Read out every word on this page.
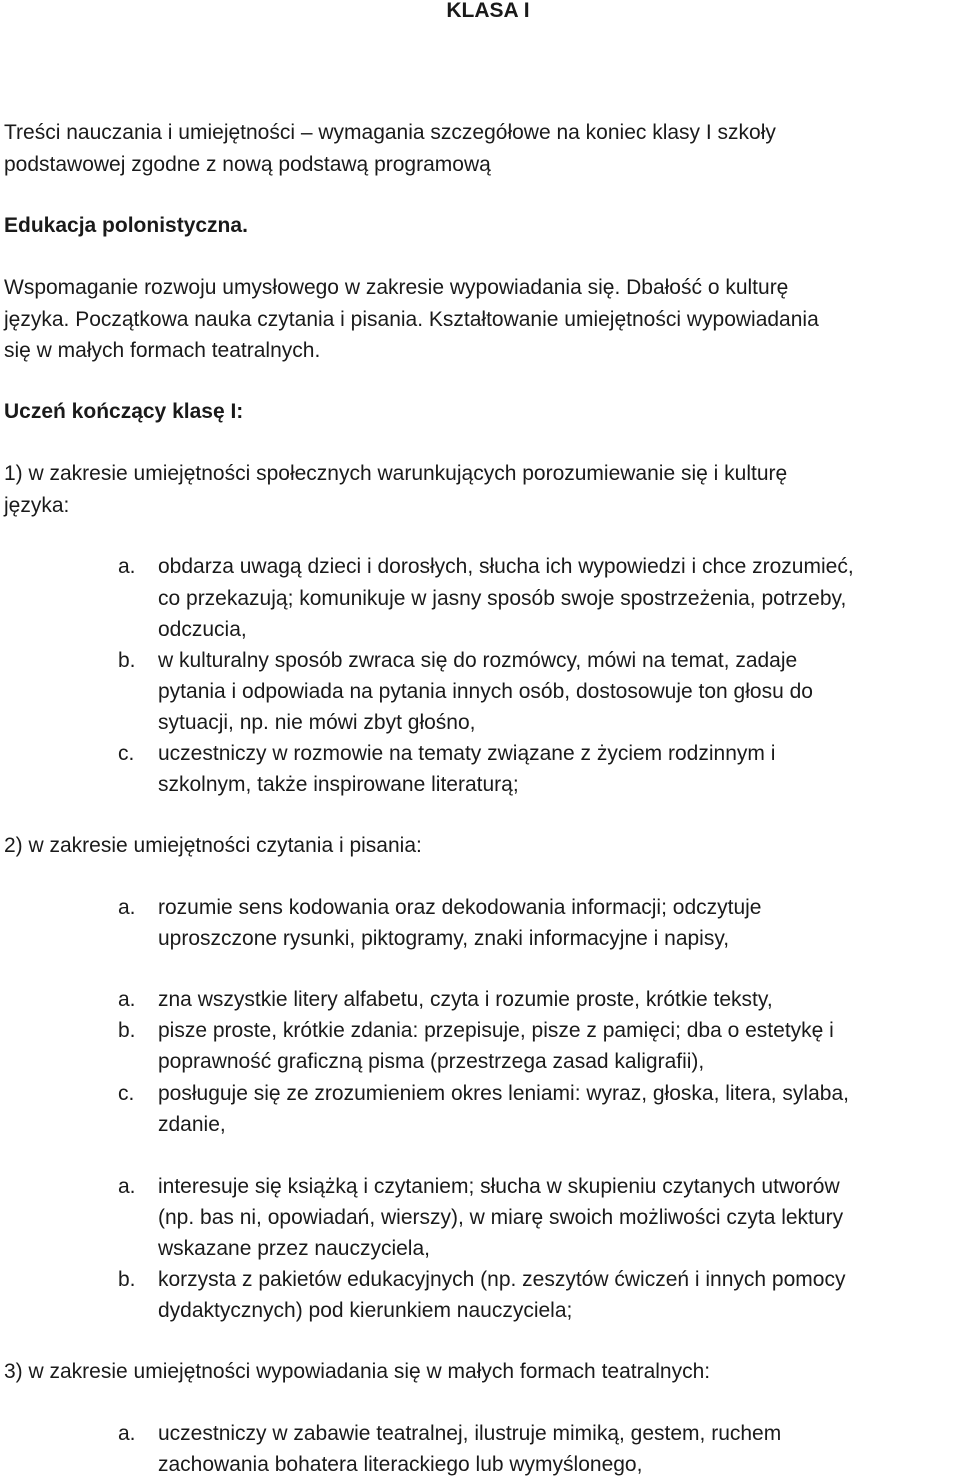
KLASA I

Treści nauczania i umiejętności – wymagania szczegółowe na koniec klasy I szkoły

podstawowej zgodne z nową podstawą programową

Edukacja polonistyczna.

Wspomaganie rozwoju umysłowego w zakresie wypowiadania się. Dbałość o kulturę

języka. Początkowa nauka czytania i pisania. Kształtowanie umiejętności wypowiadania

się w małych formach teatralnych.

Uczeń kończący klasę I:

1) w zakresie umiejętności społecznych warunkujących porozumiewanie się i kulturę

języka:

a.	obdarza uwagą dzieci i dorosłych, słucha ich wypowiedzi i chce zrozumieć,
co przekazują; komunikuje w jasny sposób swoje spostrzeżenia, potrzeby,
odczucia,
b.	w kulturalny sposób zwraca się do rozmówcy, mówi na temat, zadaje
pytania i odpowiada na pytania innych osób, dostosowuje ton głosu do
sytuacji, np. nie mówi zbyt głośno,
c.	uczestniczy w rozmowie na tematy związane z życiem rodzinnym i
szkolnym, także inspirowane literaturą;

2) w zakresie umiejętności czytania i pisania:

a.	rozumie sens kodowania oraz dekodowania informacji; odczytuje
uproszczone rysunki, piktogramy, znaki informacyjne i napisy,
a.	zna wszystkie litery alfabetu, czyta i rozumie proste, krótkie teksty,
b.	pisze proste, krótkie zdania: przepisuje, pisze z pamięci; dba o estetykę i
poprawność graficzną pisma (przestrzega zasad kaligrafii),
c.	posługuje się ze zrozumieniem okres leniami: wyraz, głoska, litera, sylaba,
zdanie,
a.	interesuje się książką i czytaniem; słucha w skupieniu czytanych utworów
(np. bas ni, opowiadań, wierszy), w miarę swoich możliwości czyta lektury
wskazane przez nauczyciela,
b.	korzysta z pakietów edukacyjnych (np. zeszytów ćwiczeń i innych pomocy
dydaktycznych) pod kierunkiem nauczyciela;

3) w zakresie umiejętności wypowiadania się w małych formach teatralnych:

a.	uczestniczy w zabawie teatralnej, ilustruje mimiką, gestem, ruchem
zachowania bohatera literackiego lub wymyślonego,
